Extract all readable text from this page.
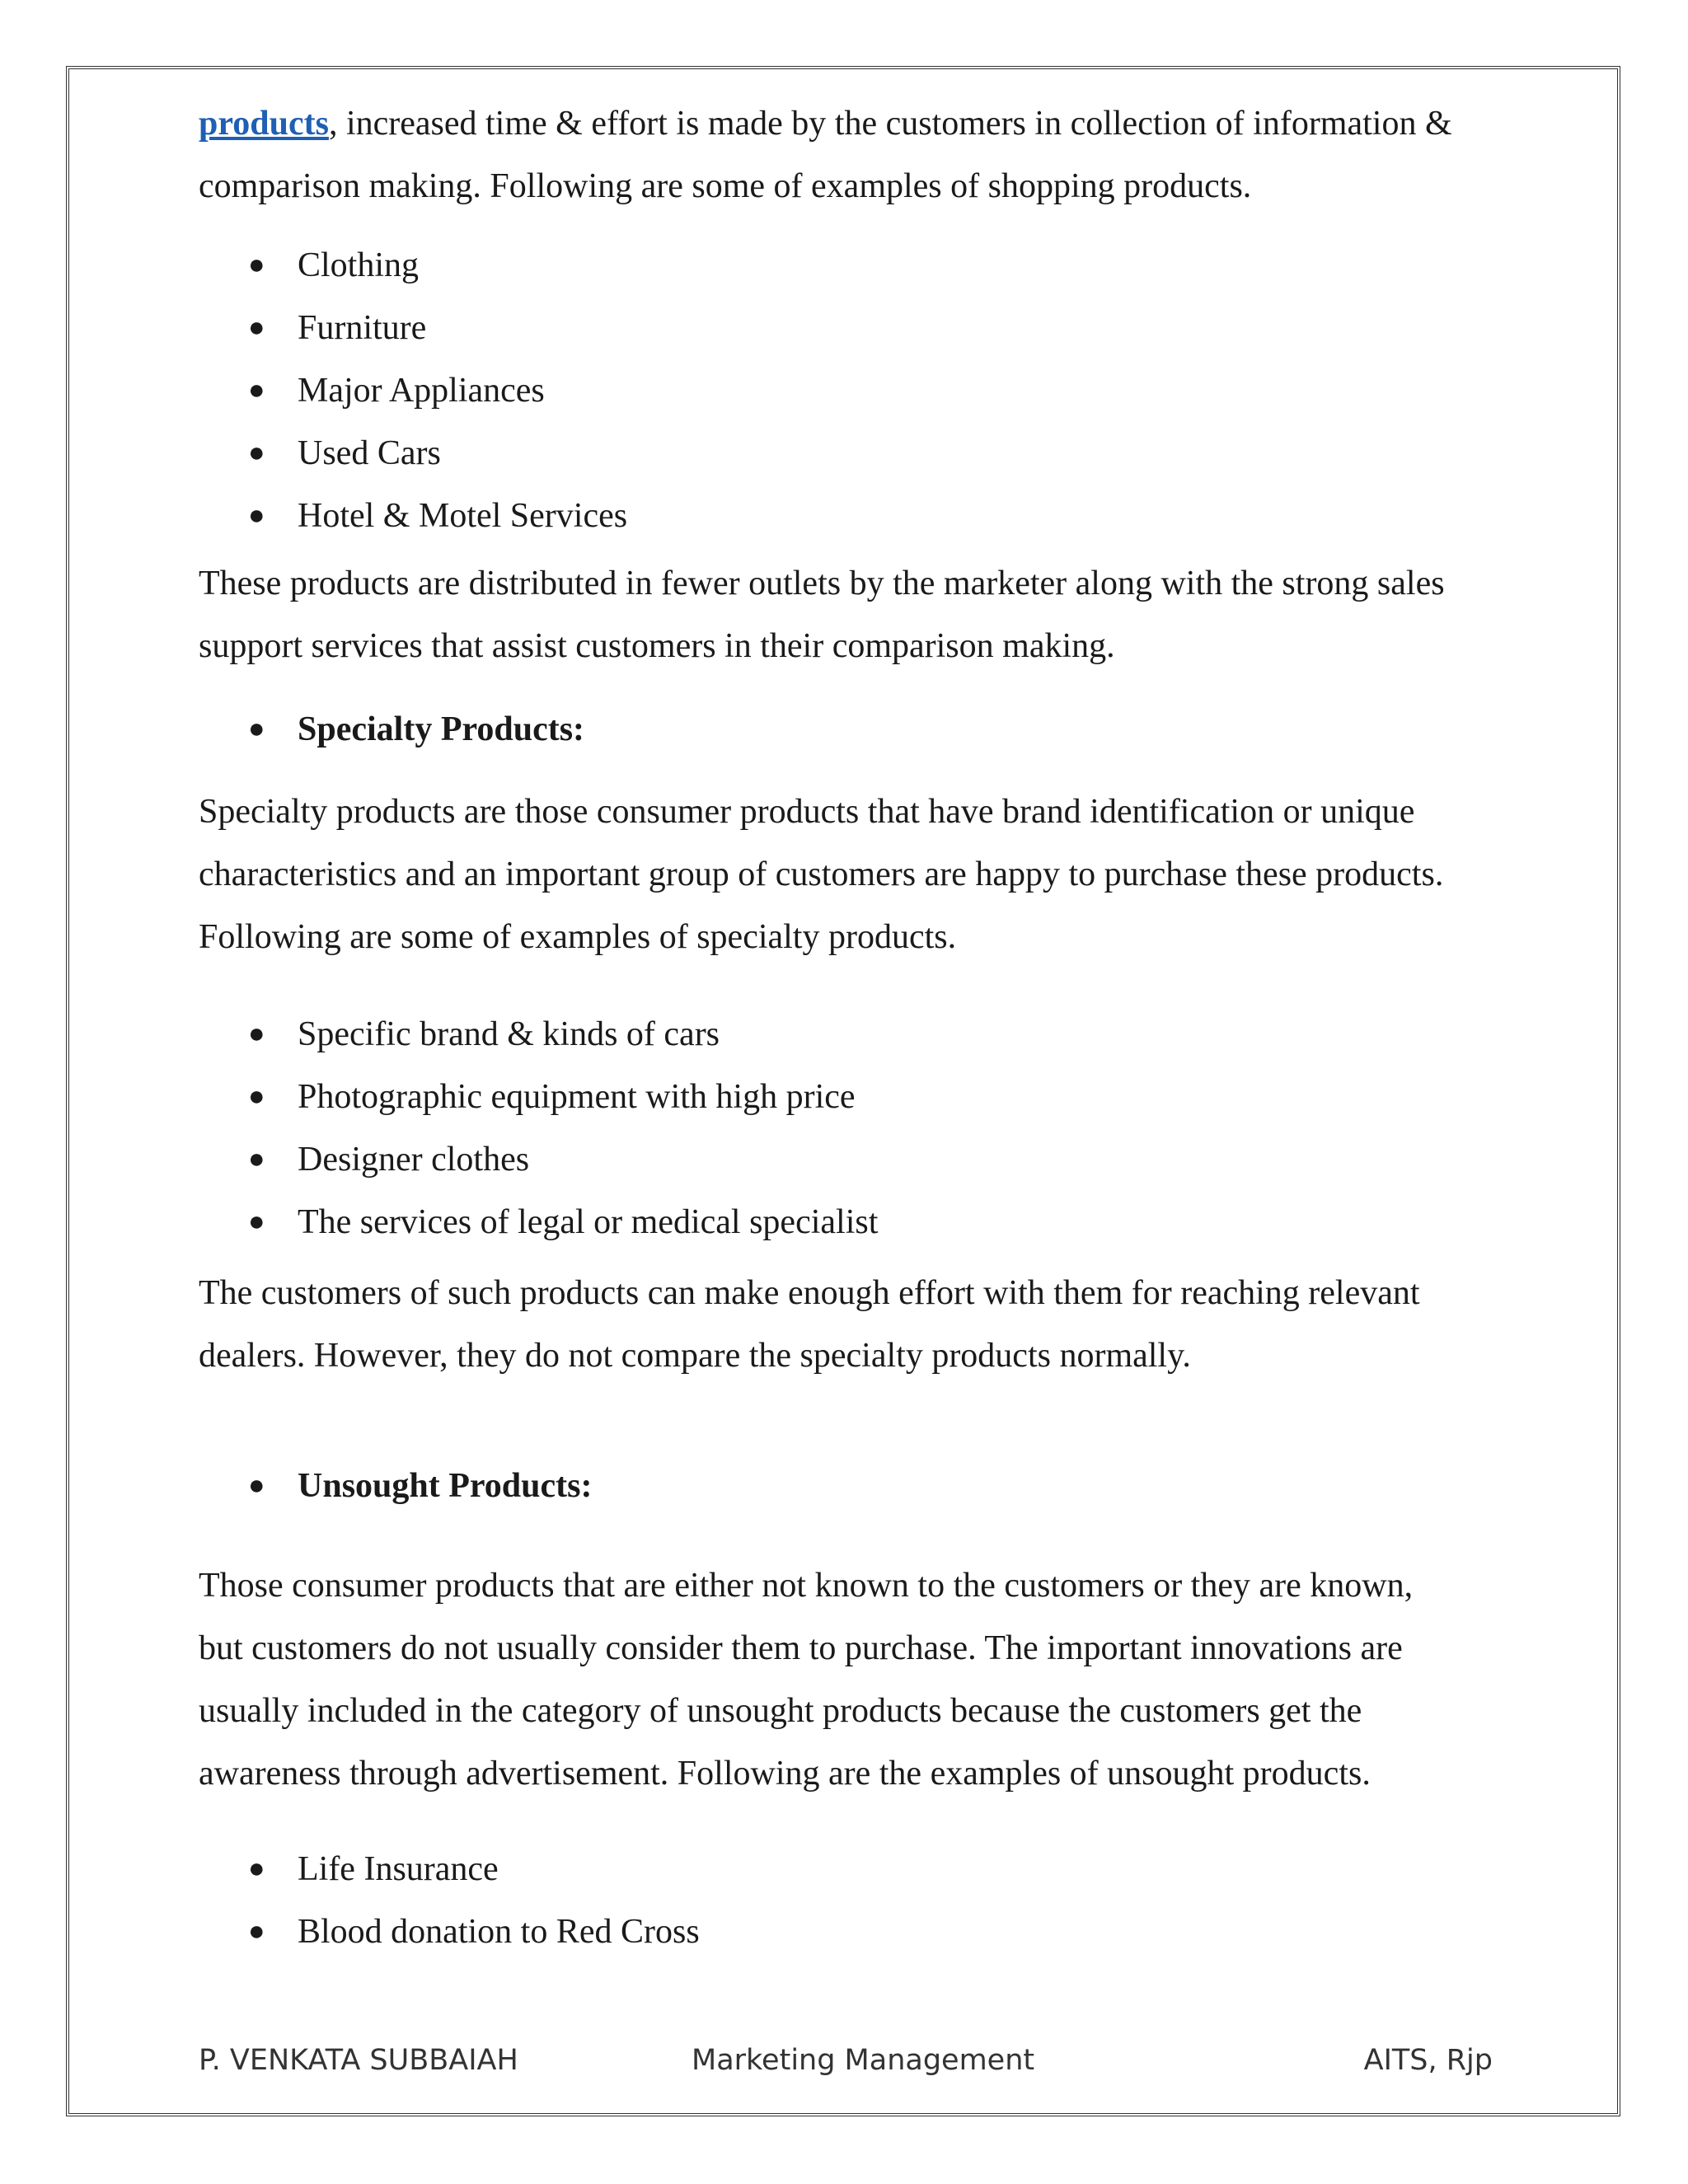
products, increased time & effort is made by the customers in collection of information &

comparison making. Following are some of examples of shopping products.

● Clothing
● Furniture
● Major Appliances
● Used Cars
● Hotel & Motel Services

These products are distributed in fewer outlets by the marketer along with the strong sales

support services that assist customers in their comparison making.

● Specialty Products:

Specialty products are those consumer products that have brand identification or unique

characteristics and an important group of customers are happy to purchase these products.

Following are some of examples of specialty products.

● Specific brand & kinds of cars
● Photographic equipment with high price
● Designer clothes
● The services of legal or medical specialist

The customers of such products can make enough effort with them for reaching relevant

dealers. However, they do not compare the specialty products normally.

● Unsought Products:

Those consumer products that are either not known to the customers or they are known,

but customers do not usually consider them to purchase. The important innovations are

usually included in the category of unsought products because the customers get the

awareness through advertisement. Following are the examples of unsought products.

● Life Insurance
● Blood donation to Red Cross
P. VENKATA SUBBAIAH	Marketing Management	AITS, Rjp
